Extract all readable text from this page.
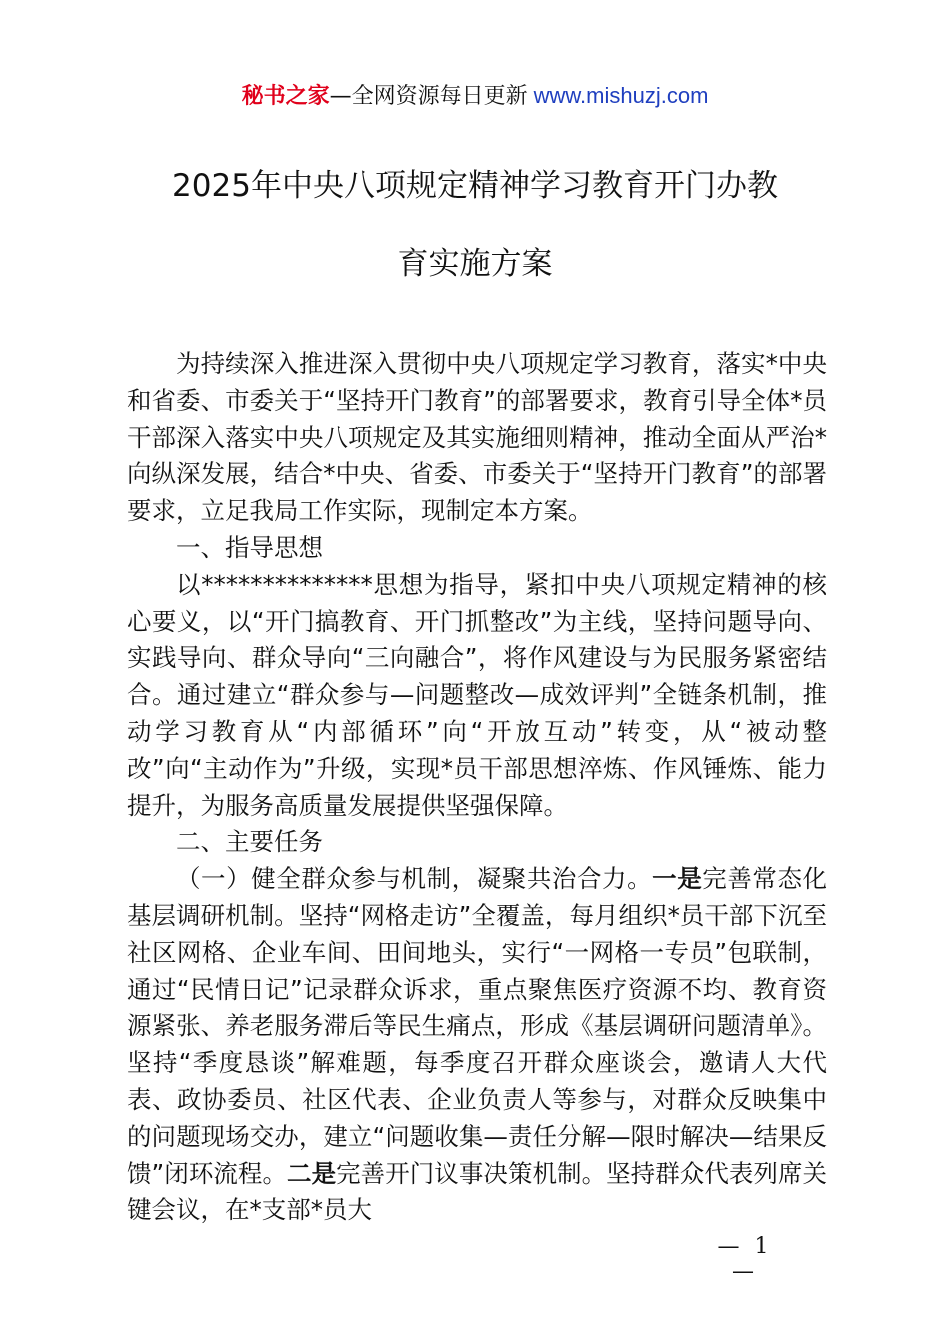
秘书之家—全网资源每日更新 www.mishuzj.com
2025年中央八项规定精神学习教育开门办教
育实施方案

为持续深入推进深入贯彻中央八项规定学习教育，落实*中央和省委、市委关于“坚持开门教育”的部署要求，教育引导全体*员干部深入落实中央八项规定及其实施细则精神，推动全面从严治*向纵深发展，结合*中央、省委、市委关于“坚持开门教育”的部署要求，立足我局工作实际，现制定本方案。

一、指导思想

以**************思想为指导，紧扣中央八项规定精神的核心要义，以“开门搞教育、开门抓整改”为主线，坚持问题导向、实践导向、群众导向“三向融合”，将作风建设与为民服务紧密结合。通过建立“群众参与—问题整改—成效评判”全链条机制，推动学习教育从“内部循环”向“开放互动”转变，从“被动整改”向“主动作为”升级，实现*员干部思想淬炼、作风锤炼、能力提升，为服务高质量发展提供坚强保障。

二、主要任务

（一）健全群众参与机制，凝聚共治合力。一是完善常态化基层调研机制。坚持“网格走访”全覆盖，每月组织*员干部下沉至社区网格、企业车间、田间地头，实行“一网格一专员”包联制，通过“民情日记”记录群众诉求，重点聚焦医疗资源不均、教育资源紧张、养老服务滞后等民生痛点，形成《基层调研问题清单》。坚持“季度恳谈”解难题，每季度召开群众座谈会，邀请人大代表、政协委员、社区代表、企业负责人等参与，对群众反映集中的问题现场交办，建立“问题收集—责任分解—限时解决—结果反馈”闭环流程。二是完善开门议事决策机制。坚持群众代表列席关键会议，在*支部*员大

— 1 —
